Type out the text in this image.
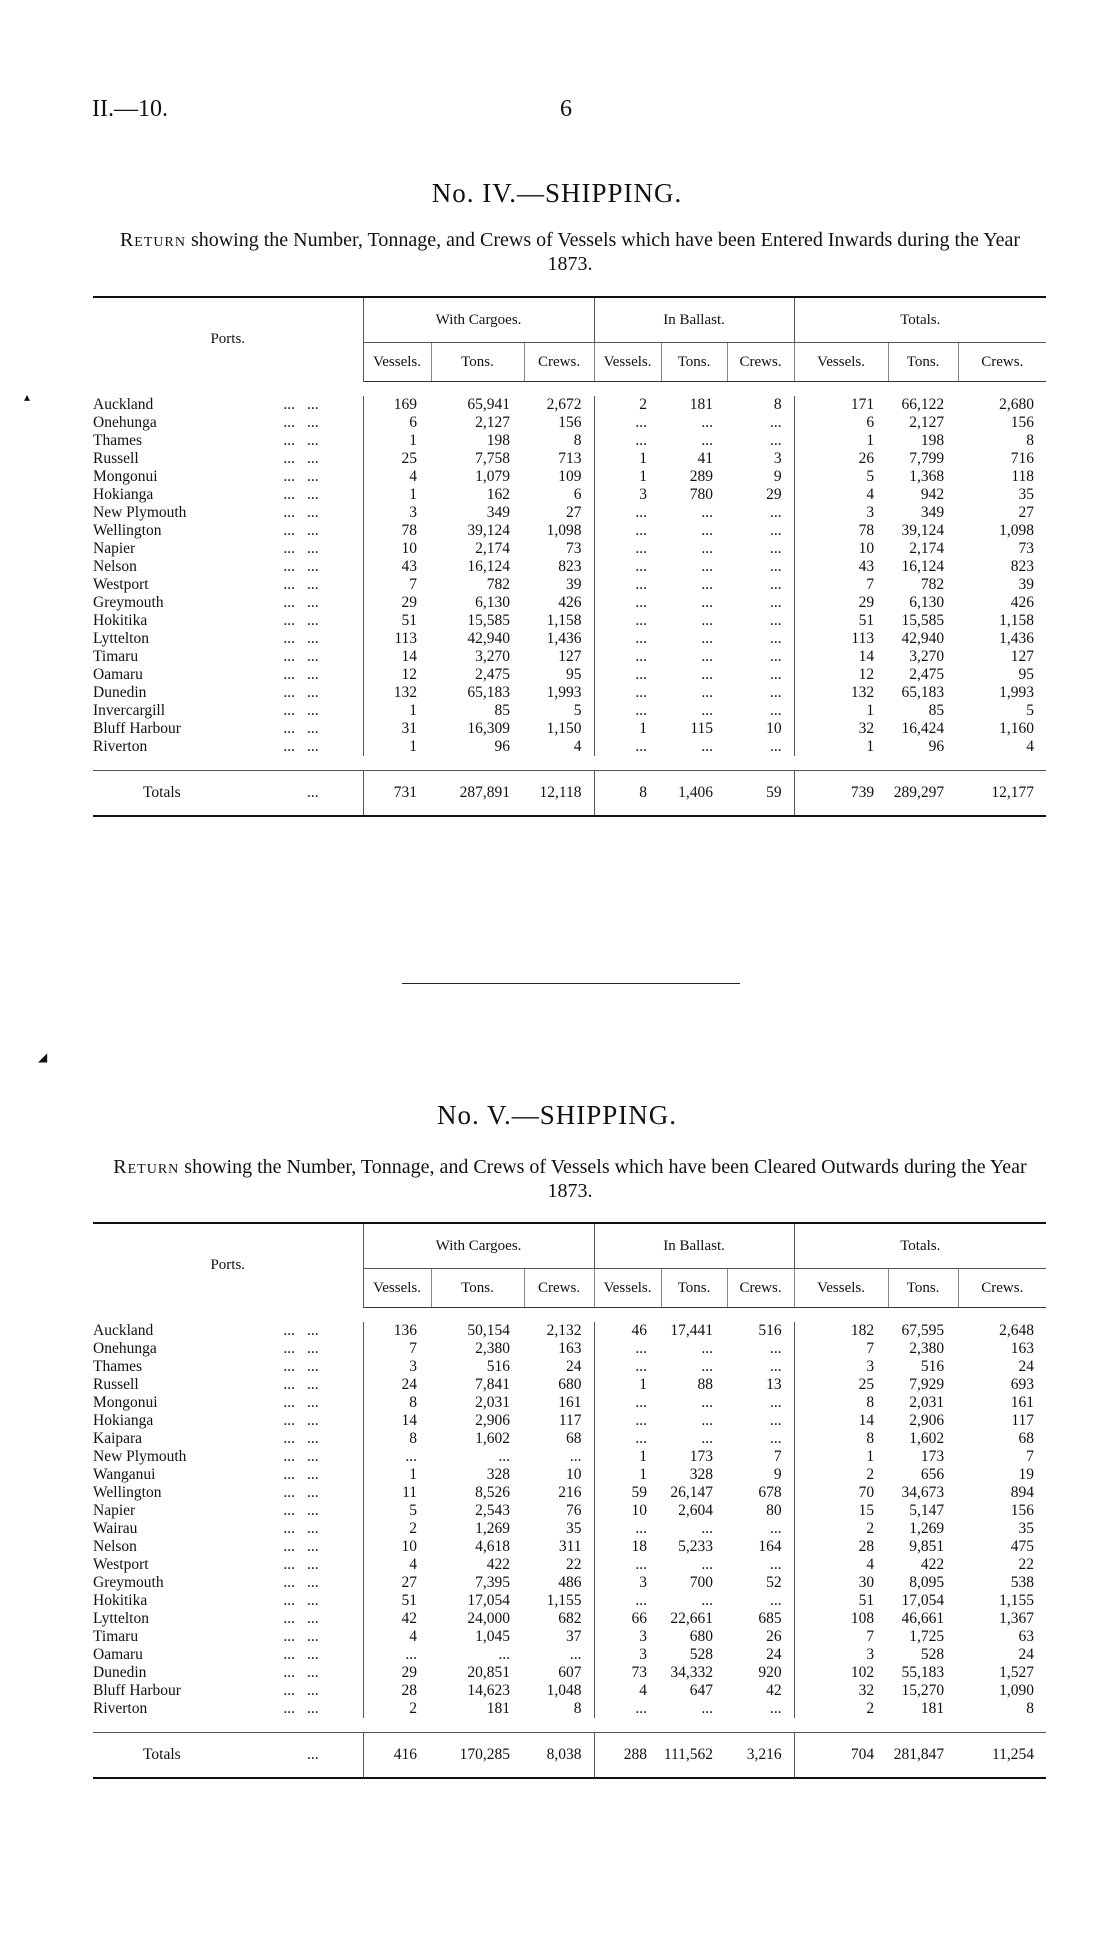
II.—10.	6
No. IV.—SHIPPING.
Return showing the Number, Tonnage, and Crews of Vessels which have been Entered Inwards during the Year 1873.
Ports.			With Cargoes.			In Ballast.			Totals.		
			Vessels.	Tons.	Crews.	Vessels.	Tons.	Crews.	Vessels.	Tons.	Crews.

Auckland	...	...	169	65,941	2,672	2	181	8	171	66,122	2,680
Onehunga	...	...	6	2,127	156	...	...	...	6	2,127	156
Thames	...	...	1	198	8	...	...	...	1	198	8
Russell	...	...	25	7,758	713	1	41	3	26	7,799	716
Mongonui	...	...	4	1,079	109	1	289	9	5	1,368	118
Hokianga	...	...	1	162	6	3	780	29	4	942	35
New Plymouth	...	...	3	349	27	...	...	...	3	349	27
Wellington	...	...	78	39,124	1,098	...	...	...	78	39,124	1,098
Napier	...	...	10	2,174	73	...	...	...	10	2,174	73
Nelson	...	...	43	16,124	823	...	...	...	43	16,124	823
Westport	...	...	7	782	39	...	...	...	7	782	39
Greymouth	...	...	29	6,130	426	...	...	...	29	6,130	426
Hokitika	...	...	51	15,585	1,158	...	...	...	51	15,585	1,158
Lyttelton	...	...	113	42,940	1,436	...	...	...	113	42,940	1,436
Timaru	...	...	14	3,270	127	...	...	...	14	3,270	127
Oamaru	...	...	12	2,475	95	...	...	...	12	2,475	95
Dunedin	...	...	132	65,183	1,993	...	...	...	132	65,183	1,993
Invercargill	...	...	1	85	5	...	...	...	1	85	5
Bluff Harbour	...	...	31	16,309	1,150	1	115	10	32	16,424	1,160
Riverton	...	...	1	96	4	...	...	...	1	96	4

Totals		...	731	287,891	12,118	8	1,406	59	739	289,297	12,177
▴
◢
No. V.—SHIPPING.
Return showing the Number, Tonnage, and Crews of Vessels which have been Cleared Outwards during the Year 1873.
Ports.			With Cargoes.			In Ballast.			Totals.		
			Vessels.	Tons.	Crews.	Vessels.	Tons.	Crews.	Vessels.	Tons.	Crews.

Auckland	...	...	136	50,154	2,132	46	17,441	516	182	67,595	2,648
Onehunga	...	...	7	2,380	163	...	...	...	7	2,380	163
Thames	...	...	3	516	24	...	...	...	3	516	24
Russell	...	...	24	7,841	680	1	88	13	25	7,929	693
Mongonui	...	...	8	2,031	161	...	...	...	8	2,031	161
Hokianga	...	...	14	2,906	117	...	...	...	14	2,906	117
Kaipara	...	...	8	1,602	68	...	...	...	8	1,602	68
New Plymouth	...	...	...	...	...	1	173	7	1	173	7
Wanganui	...	...	1	328	10	1	328	9	2	656	19
Wellington	...	...	11	8,526	216	59	26,147	678	70	34,673	894
Napier	...	...	5	2,543	76	10	2,604	80	15	5,147	156
Wairau	...	...	2	1,269	35	...	...	...	2	1,269	35
Nelson	...	...	10	4,618	311	18	5,233	164	28	9,851	475
Westport	...	...	4	422	22	...	...	...	4	422	22
Greymouth	...	...	27	7,395	486	3	700	52	30	8,095	538
Hokitika	...	...	51	17,054	1,155	...	...	...	51	17,054	1,155
Lyttelton	...	...	42	24,000	682	66	22,661	685	108	46,661	1,367
Timaru	...	...	4	1,045	37	3	680	26	7	1,725	63
Oamaru	...	...	...	...	...	3	528	24	3	528	24
Dunedin	...	...	29	20,851	607	73	34,332	920	102	55,183	1,527
Bluff Harbour	...	...	28	14,623	1,048	4	647	42	32	15,270	1,090
Riverton	...	...	2	181	8	...	...	...	2	181	8

Totals		...	416	170,285	8,038	288	111,562	3,216	704	281,847	11,254
